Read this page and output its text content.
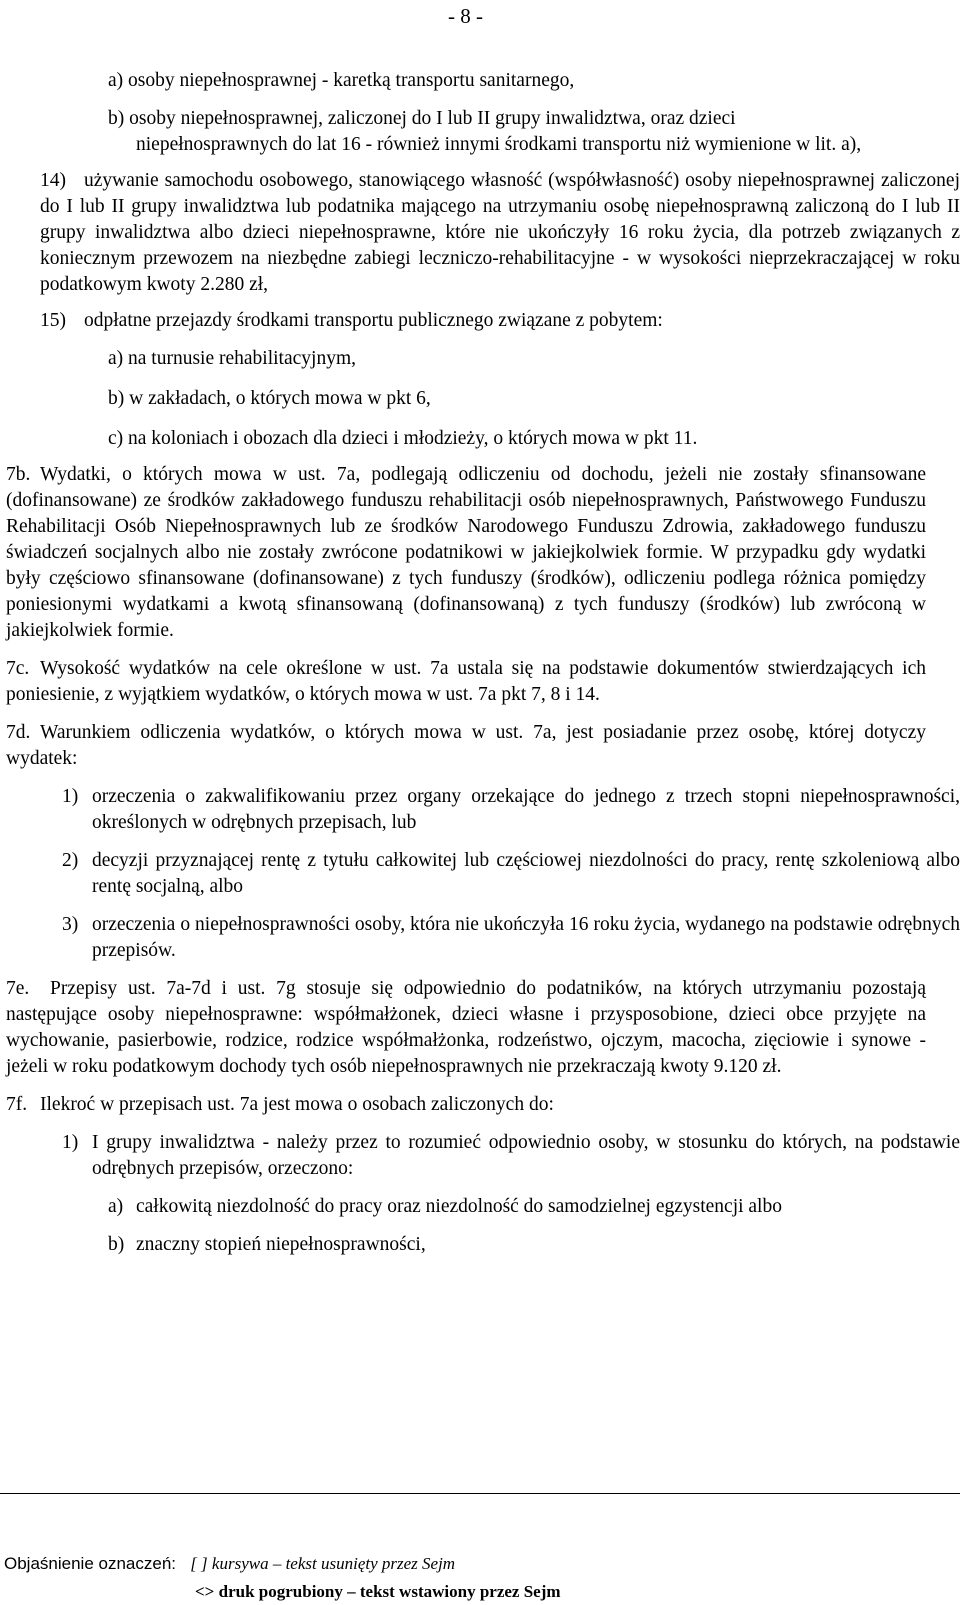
- 8 -
a) osoby niepełnosprawnej - karetką transportu sanitarnego,
b) osoby niepełnosprawnej, zaliczonej do I lub II grupy inwalidztwa, oraz dzieci
niepełnosprawnych do lat 16 - również innymi środkami transportu niż wymienione w lit. a),
14) używanie samochodu osobowego, stanowiącego własność (współwłasność) osoby niepełnosprawnej zaliczonej do I lub II grupy inwalidztwa lub podatnika mającego na utrzymaniu osobę niepełnosprawną zaliczoną do I lub II grupy inwalidztwa albo dzieci niepełnosprawne, które nie ukończyły 16 roku życia, dla potrzeb związanych z koniecznym przewozem na niezbędne zabiegi leczniczo-rehabilitacyjne - w wysokości nieprzekraczającej w roku podatkowym kwoty 2.280 zł,
15) odpłatne przejazdy środkami transportu publicznego związane z pobytem:
a) na turnusie rehabilitacyjnym,
b) w zakładach, o których mowa w pkt 6,
c) na koloniach i obozach dla dzieci i młodzieży, o których mowa w pkt 11.
7b. Wydatki, o których mowa w ust. 7a, podlegają odliczeniu od dochodu, jeżeli nie zostały sfinansowane (dofinansowane) ze środków zakładowego funduszu rehabilitacji osób niepełnosprawnych, Państwowego Funduszu Rehabilitacji Osób Niepełnosprawnych lub ze środków Narodowego Funduszu Zdrowia, zakładowego funduszu świadczeń socjalnych albo nie zostały zwrócone podatnikowi w jakiejkolwiek formie. W przypadku gdy wydatki były częściowo sfinansowane (dofinansowane) z tych funduszy (środków), odliczeniu podlega różnica pomiędzy poniesionymi wydatkami a kwotą sfinansowaną (dofinansowaną) z tych funduszy (środków) lub zwróconą w jakiejkolwiek formie.
7c. Wysokość wydatków na cele określone w ust. 7a ustala się na podstawie dokumentów stwierdzających ich poniesienie, z wyjątkiem wydatków, o których mowa w ust. 7a pkt 7, 8 i 14.
7d. Warunkiem odliczenia wydatków, o których mowa w ust. 7a, jest posiadanie przez osobę, której dotyczy wydatek:
1) orzeczenia o zakwalifikowaniu przez organy orzekające do jednego z trzech stopni niepełnosprawności, określonych w odrębnych przepisach, lub
2) decyzji przyznającej rentę z tytułu całkowitej lub częściowej niezdolności do pracy, rentę szkoleniową albo rentę socjalną, albo
3) orzeczenia o niepełnosprawności osoby, która nie ukończyła 16 roku życia, wydanego na podstawie odrębnych przepisów.
7e.	Przepisy ust. 7a-7d i ust. 7g stosuje się odpowiednio do podatników, na których utrzymaniu pozostają następujące osoby niepełnosprawne: współmałżonek, dzieci własne i przysposobione, dzieci obce przyjęte na wychowanie, pasierbowie, rodzice, rodzice współmałżonka, rodzeństwo, ojczym, macocha, zięciowie i synowe - jeżeli w roku podatkowym dochody tych osób niepełnosprawnych nie przekraczają kwoty 9.120 zł.
7f. Ilekroć w przepisach ust. 7a jest mowa o osobach zaliczonych do:
1) I grupy inwalidztwa - należy przez to rozumieć odpowiednio osoby, w stosunku do których, na podstawie odrębnych przepisów, orzeczono:
a) całkowitą niezdolność do pracy oraz niezdolność do samodzielnej egzystencji albo
b) znaczny stopień niepełnosprawności,
Objaśnienie oznaczeń: [ ] kursywa – tekst usunięty przez Sejm
<> druk pogrubiony – tekst wstawiony przez Sejm
